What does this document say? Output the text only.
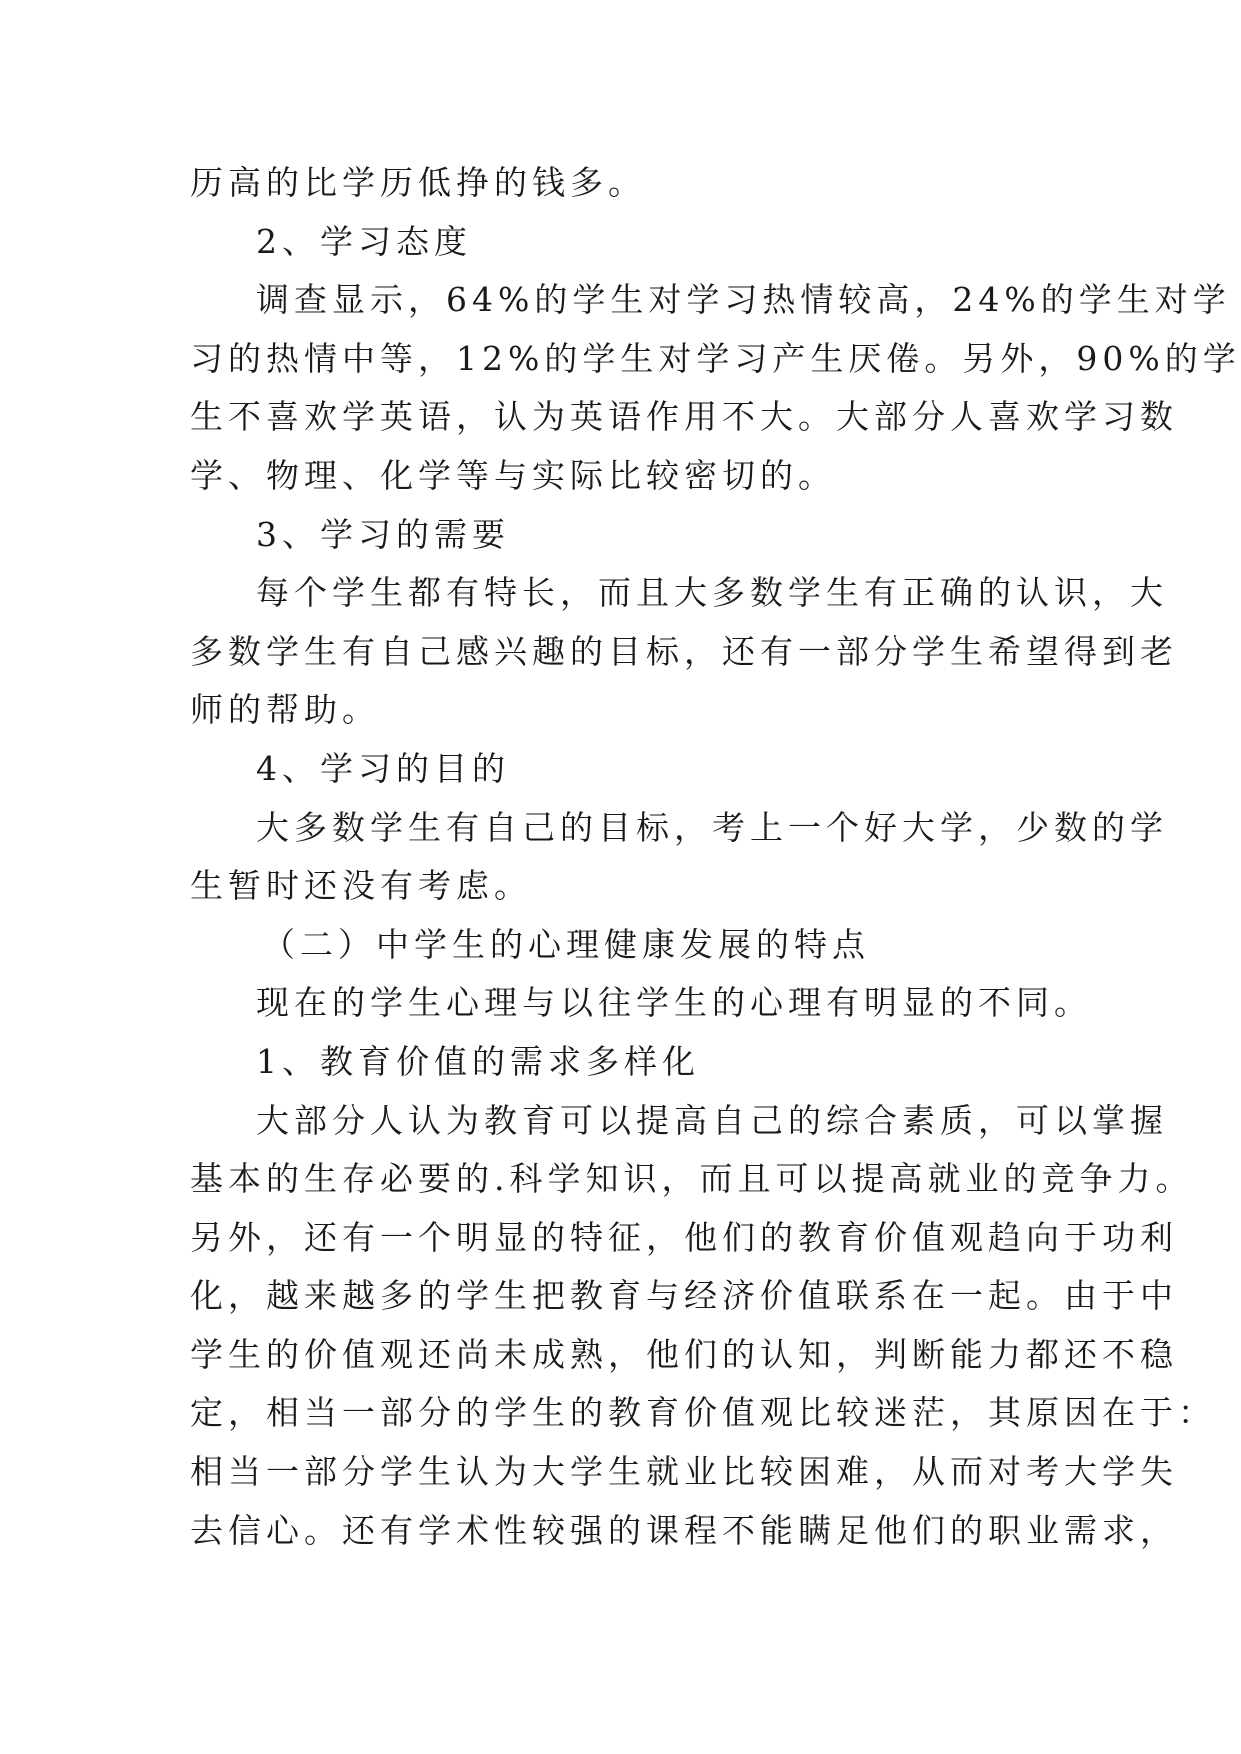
历高的比学历低挣的钱多。
2、学习态度
调查显示，64%的学生对学习热情较高，24%的学生对学
习的热情中等，12%的学生对学习产生厌倦。另外，90%的学
生不喜欢学英语，认为英语作用不大。大部分人喜欢学习数
学、物理、化学等与实际比较密切的。
3、学习的需要
每个学生都有特长，而且大多数学生有正确的认识，大
多数学生有自己感兴趣的目标，还有一部分学生希望得到老
师的帮助。
4、学习的目的
大多数学生有自己的目标，考上一个好大学，少数的学
生暂时还没有考虑。
（二）中学生的心理健康发展的特点
现在的学生心理与以往学生的心理有明显的不同。
1、教育价值的需求多样化
大部分人认为教育可以提高自己的综合素质，可以掌握
基本的生存必要的.科学知识，而且可以提高就业的竞争力。
另外，还有一个明显的特征，他们的教育价值观趋向于功利
化，越来越多的学生把教育与经济价值联系在一起。由于中
学生的价值观还尚未成熟，他们的认知，判断能力都还不稳
定，相当一部分的学生的教育价值观比较迷茫，其原因在于：
相当一部分学生认为大学生就业比较困难，从而对考大学失
去信心。还有学术性较强的课程不能瞒足他们的职业需求，
